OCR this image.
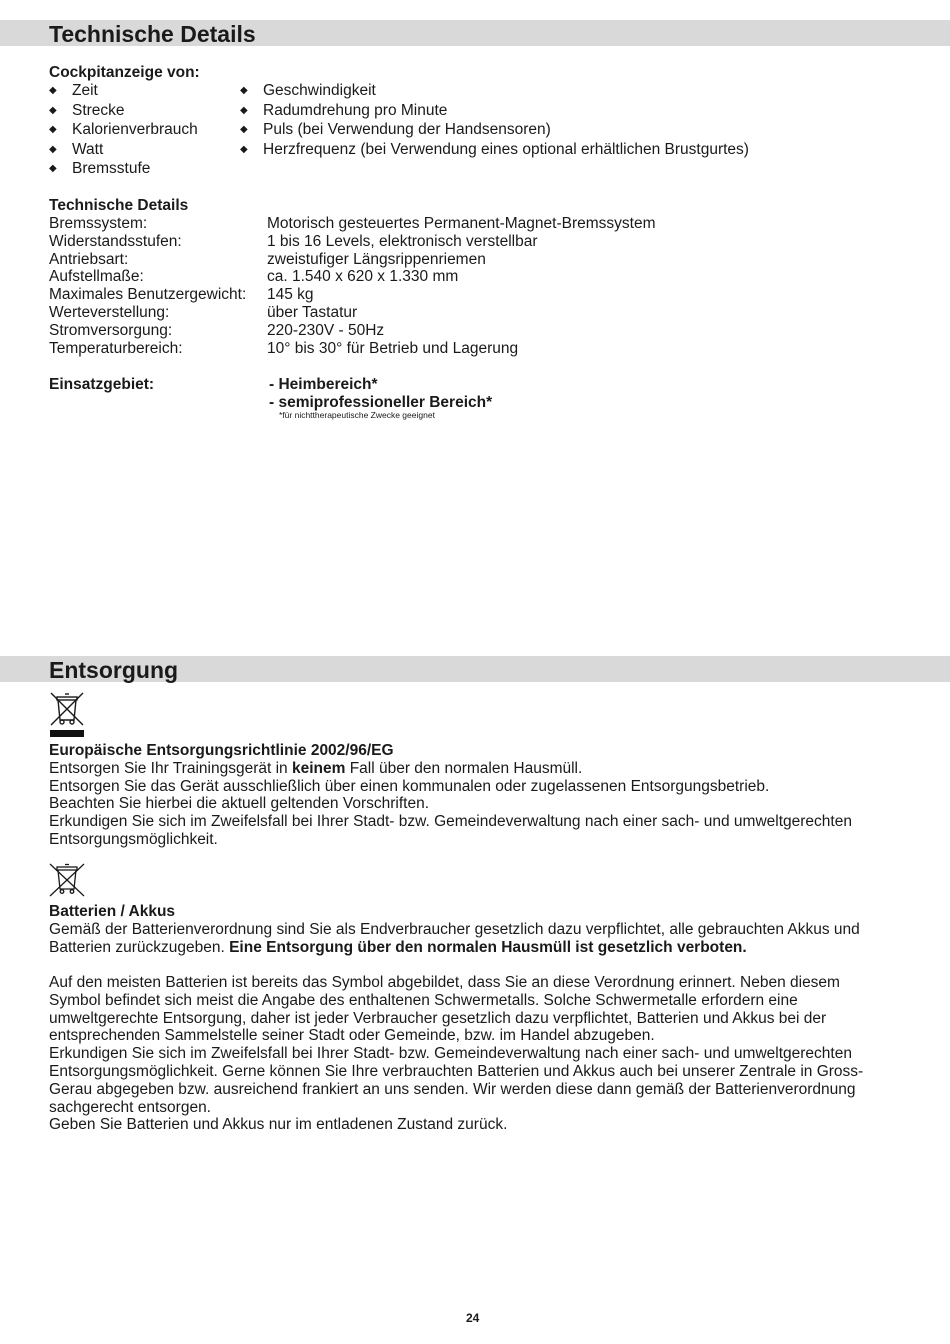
Technische Details
Cockpitanzeige von:
◆ Zeit
◆ Strecke
◆ Kalorienverbrauch
◆ Watt
◆ Bremsstufe
◆ Geschwindigkeit
◆ Radumdrehung pro Minute
◆ Puls (bei Verwendung der Handsensoren)
◆ Herzfrequenz (bei Verwendung eines optional erhältlichen Brustgurtes)
Technische Details
Bremssystem:	Motorisch gesteuertes Permanent-Magnet-Bremssystem
Widerstandsstufen:	1 bis 16 Levels, elektronisch verstellbar
Antriebsart:	zweistufiger Längsrippenriemen
Aufstellmaße:	ca. 1.540 x 620 x 1.330 mm
Maximales Benutzergewicht: 145 kg
Werteverstellung:	über Tastatur
Stromversorgung:	220-230V - 50Hz
Temperaturbereich:	10° bis 30° für Betrieb und Lagerung
Einsatzgebiet:	- Heimbereich*
- semiprofessioneller Bereich*
*für nichttherapeutische Zwecke geeignet
Entsorgung
Europäische Entsorgungsrichtlinie 2002/96/EG
Entsorgen Sie Ihr Trainingsgerät in keinem Fall über den normalen Hausmüll.
Entsorgen Sie das Gerät ausschließlich über einen kommunalen oder zugelassenen Entsorgungsbetrieb.
Beachten Sie hierbei die aktuell geltenden Vorschriften.
Erkundigen Sie sich im Zweifelsfall bei Ihrer Stadt- bzw. Gemeindeverwaltung nach einer sach- und umweltgerechten
Entsorgungsmöglichkeit.
Batterien / Akkus
Gemäß der Batterienverordnung sind Sie als Endverbraucher gesetzlich dazu verpflichtet, alle gebrauchten Akkus und
Batterien zurückzugeben. Eine Entsorgung über den normalen Hausmüll ist gesetzlich verboten.
Auf den meisten Batterien ist bereits das Symbol abgebildet, dass Sie an diese Verordnung erinnert. Neben diesem
Symbol befindet sich meist die Angabe des enthaltenen Schwermetalls. Solche Schwermetalle erfordern eine
umweltgerechte Entsorgung, daher ist jeder Verbraucher gesetzlich dazu verpflichtet, Batterien und Akkus bei der
entsprechenden Sammelstelle seiner Stadt oder Gemeinde, bzw. im Handel abzugeben.
Erkundigen Sie sich im Zweifelsfall bei Ihrer Stadt- bzw. Gemeindeverwaltung nach einer sach- und umweltgerechten
Entsorgungsmöglichkeit. Gerne können Sie Ihre verbrauchten Batterien und Akkus auch bei unserer Zentrale in Gross-
Gerau abgegeben bzw. ausreichend frankiert an uns senden. Wir werden diese dann gemäß der Batterienverordnung
sachgerecht entsorgen.
Geben Sie Batterien und Akkus nur im entladenen Zustand zurück.
24
